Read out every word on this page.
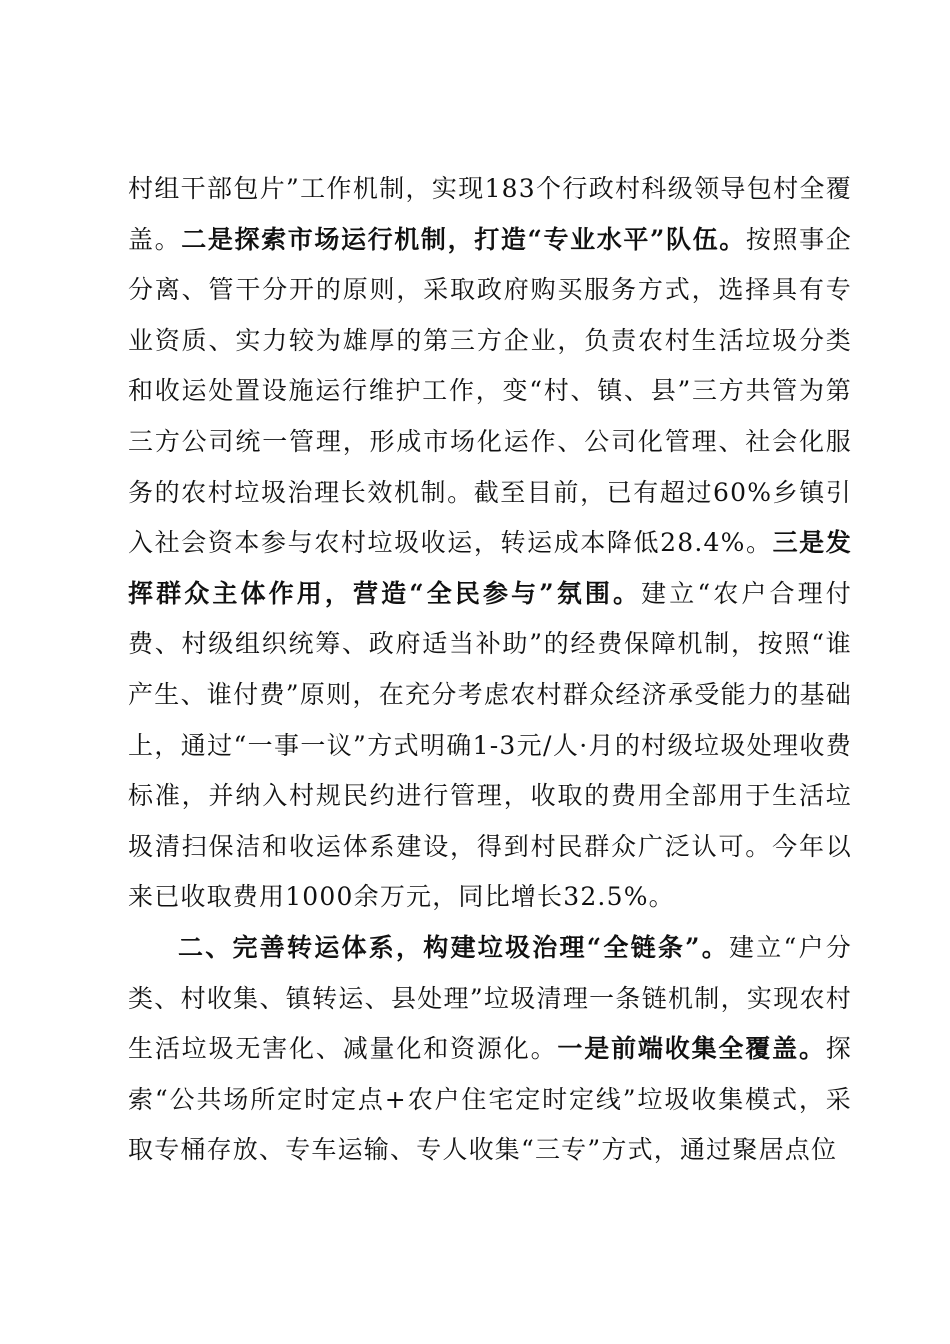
村组干部包片”工作机制，实现183个行政村科级领导包村全覆盖。二是探索市场运行机制，打造“专业水平”队伍。按照事企分离、管干分开的原则，采取政府购买服务方式，选择具有专业资质、实力较为雄厚的第三方企业，负责农村生活垃圾分类和收运处置设施运行维护工作，变“村、镇、县”三方共管为第三方公司统一管理，形成市场化运作、公司化管理、社会化服务的农村垃圾治理长效机制。截至目前，已有超过60%乡镇引入社会资本参与农村垃圾收运，转运成本降低28.4%。三是发挥群众主体作用，营造“全民参与”氛围。建立“农户合理付费、村级组织统筹、政府适当补助”的经费保障机制，按照“谁产生、谁付费”原则，在充分考虑农村群众经济承受能力的基础上，通过“一事一议”方式明确1-3元/人·月的村级垃圾处理收费标准，并纳入村规民约进行管理，收取的费用全部用于生活垃圾清扫保洁和收运体系建设，得到村民群众广泛认可。今年以来已收取费用1000余万元，同比增长32.5%。

二、完善转运体系，构建垃圾治理“全链条”。建立“户分类、村收集、镇转运、县处理”垃圾清理一条链机制，实现农村生活垃圾无害化、减量化和资源化。一是前端收集全覆盖。探索“公共场所定时定点+农户住宅定时定线”垃圾收集模式，采取专桶存放、专车运输、专人收集“三专”方式，通过聚居点位
